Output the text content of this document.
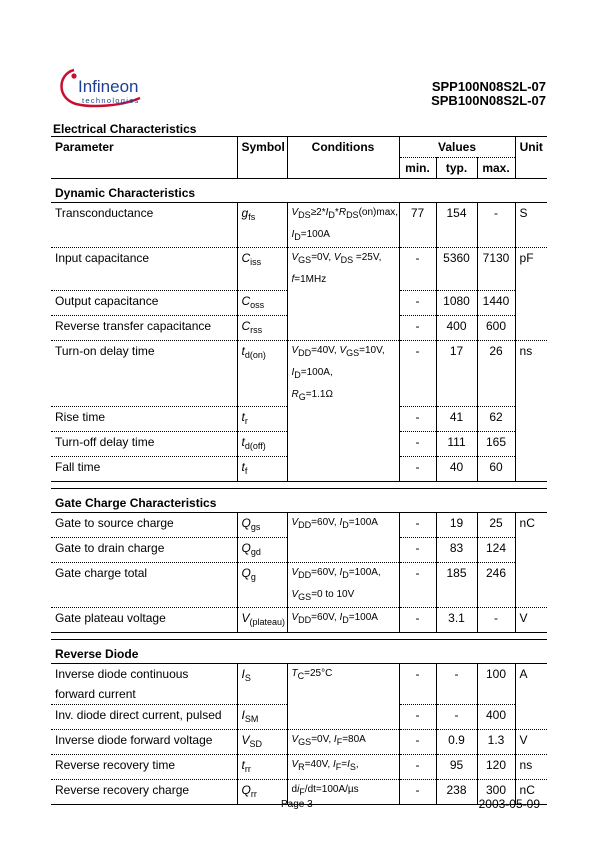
Infineon
technologies
SPP100N08S2L-07
SPB100N08S2L-07
Electrical Characteristics
Parameter	Symbol	Conditions	Values			Unit
			min.	typ.	max.	
Dynamic Characteristics						
Transconductance	$g_{fs}$	VDS≥2*ID*RDS(on)max,
ID=100A	77	154	-	S
Input capacitance	$C_{iss}$	VGS=0V, VDS =25V,
f=1MHz	-	5360	7130	pF
Output capacitance	$C_{oss}$		-	1080	1440	
Reverse transfer capacitance	$C_{rss}$		-	400	600	
Turn-on delay time	$t_{d(on)}$	VDD=40V, VGS=10V,
ID=100A,
RG=1.1Ω	-	17	26	ns
Rise time	$t_r$		-	41	62	
Turn-off delay time	$t_{d(off)}$		-	111	165	
Fall time	$t_f$		-	40	60	

Gate Charge Characteristics						
Gate to source charge	$Q_{gs}$	VDD=60V, ID=100A	-	19	25	nC
Gate to drain charge	$Q_{gd}$		-	83	124	
Gate charge total	$Q_g$	VDD=60V, ID=100A,
VGS=0 to 10V	-	185	246	
Gate plateau voltage	$V_{(plateau)}$	VDD=60V, ID=100A	-	3.1	-	V

Reverse Diode						
Inverse diode continuous
forward current	$I_S$	TC=25°C	-	-	100	A
Inv. diode direct current, pulsed	$I_{SM}$		-	-	400	
Inverse diode forward voltage	$V_{SD}$	VGS=0V, IF=80A	-	0.9	1.3	V
Reverse recovery time	$t_{rr}$	VR=40V, IF=IS,	-	95	120	ns
Reverse recovery charge	$Q_{rr}$	diF/dt=100A/µs	-	238	300	nC

Page 3	2003-05-09
